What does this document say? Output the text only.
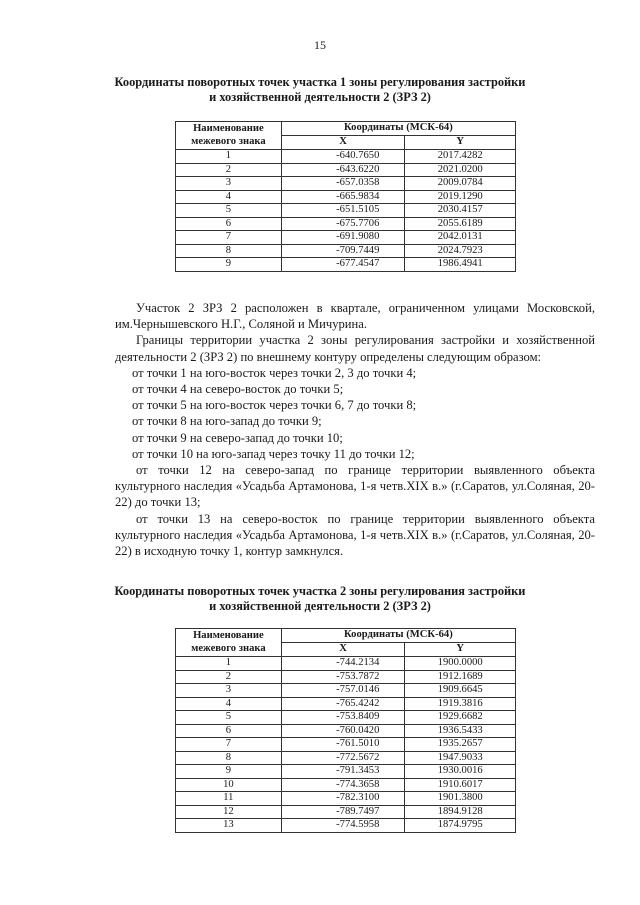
15
Координаты поворотных точек участка 1 зоны регулирования застройки
и хозяйственной деятельности 2 (ЗРЗ 2)
Наименование межевого знака	Координаты (МСК-64)	
	X	Y
1	-640.7650	2017.4282
2	-643.6220	2021.0200
3	-657.0358	2009.0784
4	-665.9834	2019.1290
5	-651.5105	2030.4157
6	-675.7706	2055.6189
7	-691.9080	2042.0131
8	-709.7449	2024.7923
9	-677.4547	1986.4941

Участок 2 ЗРЗ 2 расположен в квартале, ограниченном улицами Московской, им.Чернышевского Н.Г., Соляной и Мичурина.

Границы территории участка 2 зоны регулирования застройки и хозяйственной деятельности 2 (ЗРЗ 2) по внешнему контуру определены следующим образом:

от точки 1 на юго-восток через точки 2, 3 до точки 4;

от точки 4 на северо-восток до точки 5;

от точки 5 на юго-восток через точки 6, 7 до точки 8;

от точки 8 на юго-запад до точки 9;

от точки 9 на северо-запад до точки 10;

от точки 10 на юго-запад через точку 11 до точки 12;

от точки 12 на северо-запад по границе территории выявленного объекта культурного наследия «Усадьба Артамонова, 1-я четв.XIX в.» (г.Саратов, ул.Соляная, 20-22) до точки 13;

от точки 13 на северо-восток по границе территории выявленного объекта культурного наследия «Усадьба Артамонова, 1-я четв.XIX в.» (г.Саратов, ул.Соляная, 20-22) в исходную точку 1, контур замкнулся.

Координаты поворотных точек участка 2 зоны регулирования застройки
и хозяйственной деятельности 2 (ЗРЗ 2)
Наименование межевого знака	Координаты (МСК-64)	
	X	Y
1	-744.2134	1900.0000
2	-753.7872	1912.1689
3	-757.0146	1909.6645
4	-765.4242	1919.3816
5	-753.8409	1929.6682
6	-760.0420	1936.5433
7	-761.5010	1935.2657
8	-772.5672	1947.9033
9	-791.3453	1930.0016
10	-774.3658	1910.6017
11	-782.3100	1901.3800
12	-789.7497	1894.9128
13	-774.5958	1874.9795
